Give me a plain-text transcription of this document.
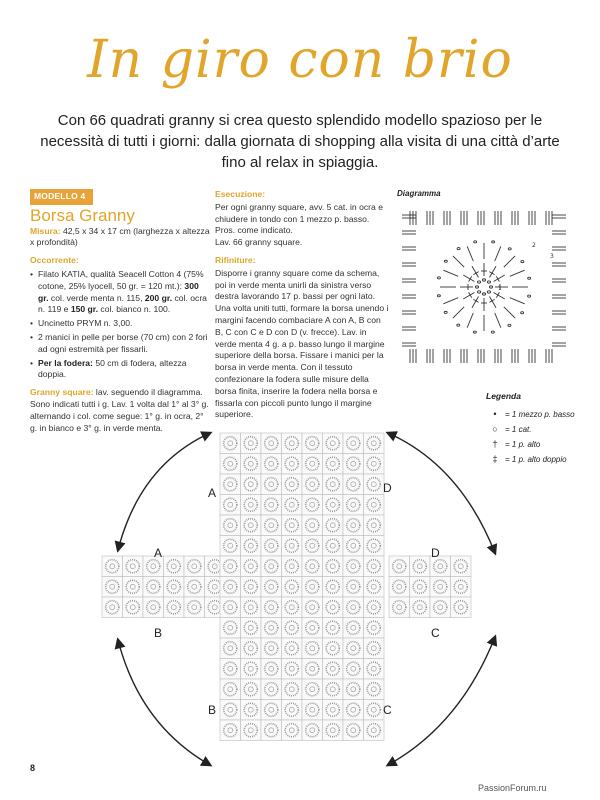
In giro con brio
Con 66 quadrati granny si crea questo splendido modello spazioso per le necessità di tutti i giorni: dalla giornata di shopping alla visita di una città d’arte fino al relax in spiaggia.
MODELLO 4
Borsa Granny

Misura: 42,5 x 34 x 17 cm (larghezza x altezza x profondità)

Occorrente:

• Filato KATIA, qualità Seacell Cotton 4 (75% cotone, 25% lyocell, 50 gr. = 120 mt.): 300 gr. col. verde menta n. 115, 200 gr. col. ocra n. 119 e 150 gr. col. bianco n. 100.
• Uncinetto PRYM n. 3,00.
• 2 manici in pelle per borse (70 cm) con 2 fori ad ogni estremità per fissarli.
• Per la fodera: 50 cm di fodera, altezza doppia.

Granny square: lav. seguendo il diagramma. Sono indicati tutti i g. Lav. 1 volta dal 1° al 3° g. alternando i col. come segue: 1° g. in ocra, 2° g. in bianco e 3° g. in verde menta.

Esecuzione:

Per ogni granny square, avv. 5 cat. in ocra e chiudere in tondo con 1 mezzo p. basso. Pros. come indicato.

Lav. 66 granny square.

Rifiniture:

Disporre i granny square come da schema, poi in verde menta unirli da sinistra verso destra lavorando 17 p. bassi per ogni lato. Una volta uniti tutti, formare la borsa unendo i margini facendo combaciare A con A, B con B, C con C e D con D (v. frecce). Lav. in verde menta 4 g. a p. basso lungo il margine superiore della borsa. Fissare i manici per la borsa in verde menta. Con il tessuto confezionare la fodera sulle misure della borsa finita, inserire la fodera nella borsa e fissarla con piccoli punto lungo il margine superiore.

Diagramma
1
2
3
Legenda
•	= 1 mezzo p. basso
○ = 1 cat.
† = 1 p. alto
‡ = 1 p. alto doppio
A	D
A	D
B	C
B	C
8
PassionForum.ru
